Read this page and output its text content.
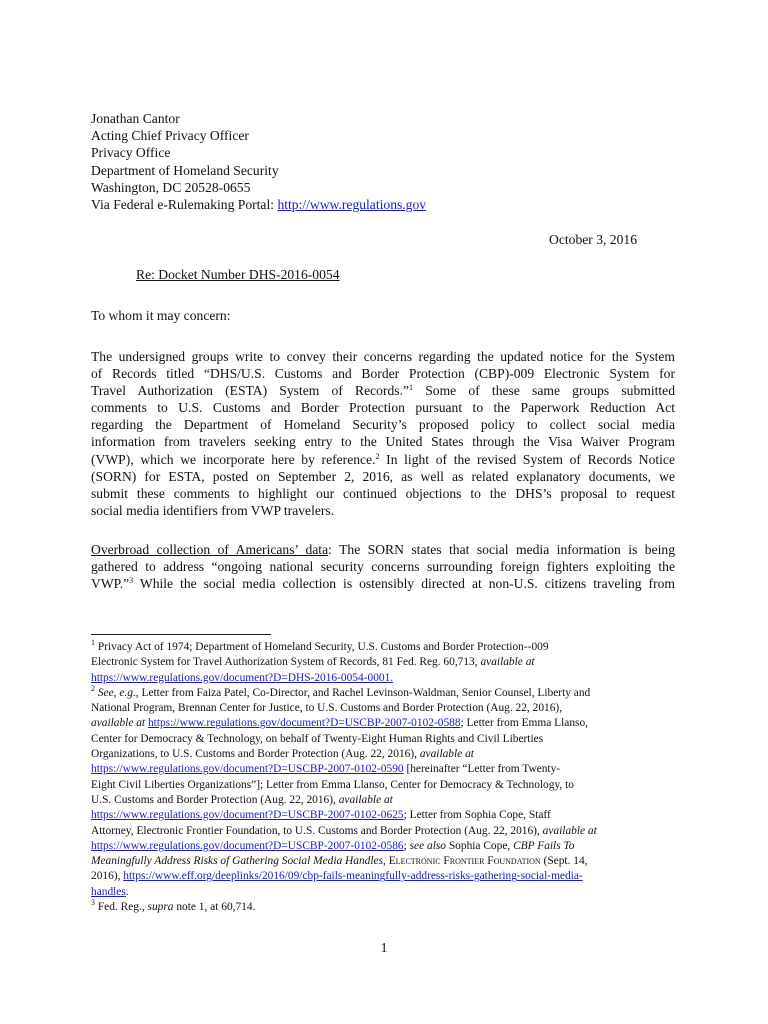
Jonathan Cantor
Acting Chief Privacy Officer
Privacy Office
Department of Homeland Security
Washington, DC 20528-0655
Via Federal e-Rulemaking Portal: http://www.regulations.gov
October 3, 2016
Re: Docket Number DHS-2016-0054
To whom it may concern:
The undersigned groups write to convey their concerns regarding the updated notice for the System
of Records titled “DHS/U.S. Customs and Border Protection (CBP)-009 Electronic System for
Travel Authorization (ESTA) System of Records.”$^1$ Some of these same groups submitted
comments to U.S. Customs and Border Protection pursuant to the Paperwork Reduction Act
regarding the Department of Homeland Security’s proposed policy to collect social media
information from travelers seeking entry to the United States through the Visa Waiver Program
(VWP), which we incorporate here by reference.$^2$ In light of the revised System of Records Notice
(SORN) for ESTA, posted on September 2, 2016, as well as related explanatory documents, we
submit these comments to highlight our continued objections to the DHS’s proposal to request
social media identifiers from VWP travelers.
Overbroad collection of Americans’ data: The SORN states that social media information is being
gathered to address “ongoing national security concerns surrounding foreign fighters exploiting the
VWP.”$^3$ While the social media collection is ostensibly directed at non-U.S. citizens traveling from
$^1$ Privacy Act of 1974; Department of Homeland Security, U.S. Customs and Border Protection--009
Electronic System for Travel Authorization System of Records, 81 Fed. Reg. 60,713, available at
https://www.regulations.gov/document?D=DHS-2016-0054-0001.
$^2$ See, e.g., Letter from Faiza Patel, Co-Director, and Rachel Levinson-Waldman, Senior Counsel, Liberty and
National Program, Brennan Center for Justice, to U.S. Customs and Border Protection (Aug. 22, 2016),
available at https://www.regulations.gov/document?D=USCBP-2007-0102-0588; Letter from Emma Llanso,
Center for Democracy & Technology, on behalf of Twenty-Eight Human Rights and Civil Liberties
Organizations, to U.S. Customs and Border Protection (Aug. 22, 2016), available at
https://www.regulations.gov/document?D=USCBP-2007-0102-0590 [hereinafter “Letter from Twenty-
Eight Civil Liberties Organizations”]; Letter from Emma Llanso, Center for Democracy & Technology, to
U.S. Customs and Border Protection (Aug. 22, 2016), available at
https://www.regulations.gov/document?D=USCBP-2007-0102-0625; Letter from Sophia Cope, Staff
Attorney, Electronic Frontier Foundation, to U.S. Customs and Border Protection (Aug. 22, 2016), available at
https://www.regulations.gov/document?D=USCBP-2007-0102-0586; see also Sophia Cope, CBP Fails To
Meaningfully Address Risks of Gathering Social Media Handles, Electronic Frontier Foundation (Sept. 14,
2016), https://www.eff.org/deeplinks/2016/09/cbp-fails-meaningfully-address-risks-gathering-social-media-
handles.
$^3$ Fed. Reg., supra note 1, at 60,714.
1
